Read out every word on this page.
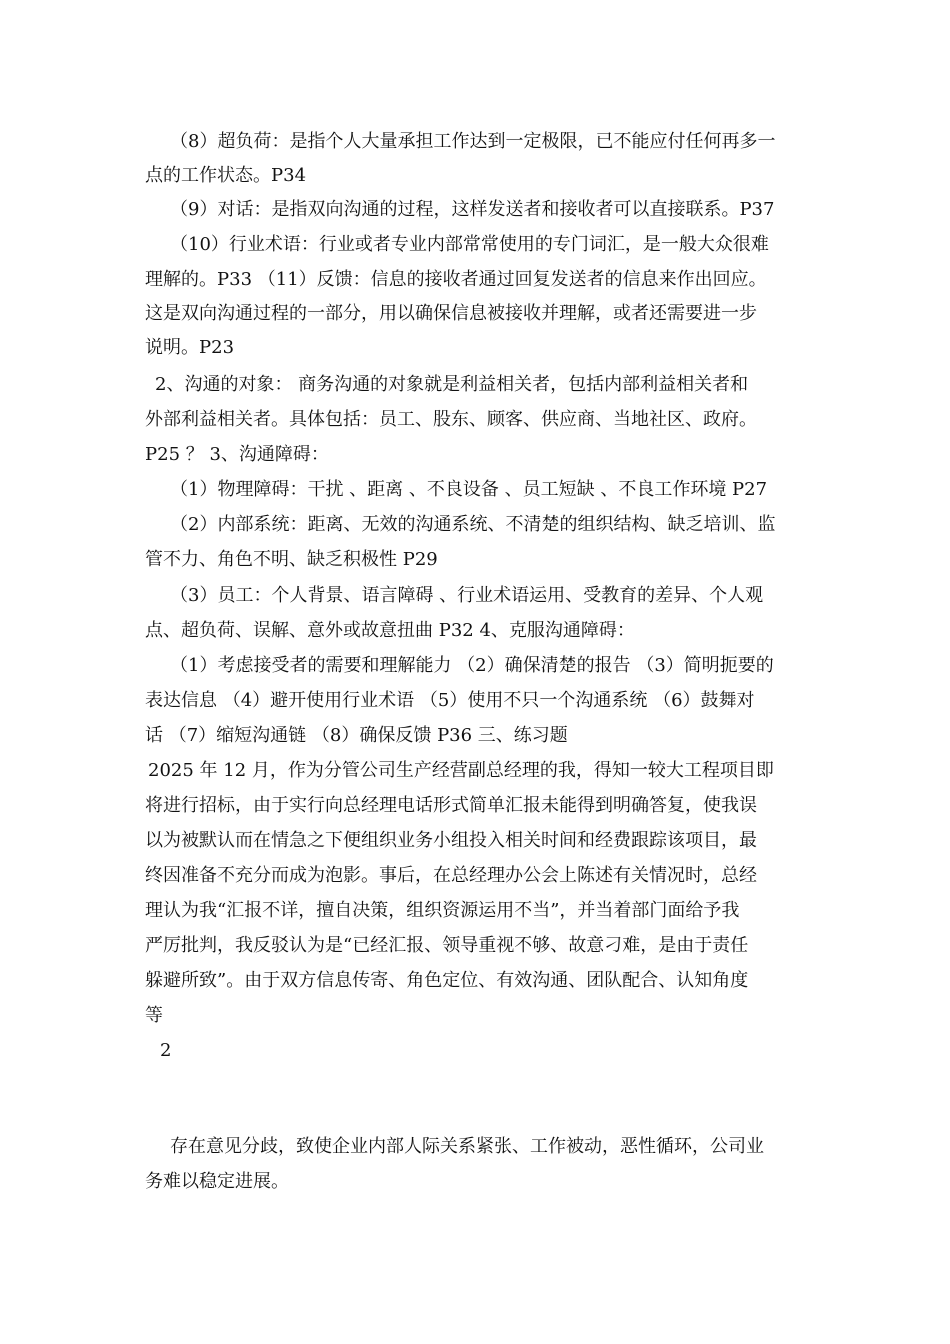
（8）超负荷：是指个人大量承担工作达到一定极限，已不能应付任何再多一
点的工作状态。P34
（9）对话：是指双向沟通的过程，这样发送者和接收者可以直接联系。P37
（10）行业术语：行业或者专业内部常常使用的专门词汇，是一般大众很难
理解的。P33 （11）反馈：信息的接收者通过回复发送者的信息来作出回应。
这是双向沟通过程的一部分，用以确保信息被接收并理解，或者还需要进一步
说明。P23
2、沟通的对象： 商务沟通的对象就是利益相关者，包括内部利益相关者和
外部利益相关者。具体包括：员工、股东、顾客、供应商、当地社区、政府。
P25 ？ 3、沟通障碍：
（1）物理障碍：干扰 、距离 、不良设备 、员工短缺 、不良工作环境 P27
（2）内部系统：距离、无效的沟通系统、不清楚的组织结构、缺乏培训、监
管不力、角色不明、缺乏积极性 P29
（3）员工：个人背景、语言障碍 、行业术语运用、受教育的差异、个人观
点、超负荷、误解、意外或故意扭曲 P32 4、克服沟通障碍：
（1）考虑接受者的需要和理解能力 （2）确保清楚的报告 （3）简明扼要的
表达信息 （4）避开使用行业术语 （5）使用不只一个沟通系统 （6）鼓舞对
话 （7）缩短沟通链 （8）确保反馈 P36 三、练习题
2025 年 12 月，作为分管公司生产经营副总经理的我，得知一较大工程项目即
将进行招标，由于实行向总经理电话形式简单汇报未能得到明确答复，使我误
以为被默认而在情急之下便组织业务小组投入相关时间和经费跟踪该项目，最
终因准备不充分而成为泡影。事后，在总经理办公会上陈述有关情况时，总经
理认为我“汇报不详，擅自决策，组织资源运用不当”，并当着部门面给予我
严厉批判，我反驳认为是“已经汇报、领导重视不够、故意刁难，是由于责任
躲避所致”。由于双方信息传寄、角色定位、有效沟通、团队配合、认知角度
等
2
存在意见分歧，致使企业内部人际关系紧张、工作被动，恶性循环，公司业
务难以稳定进展。
